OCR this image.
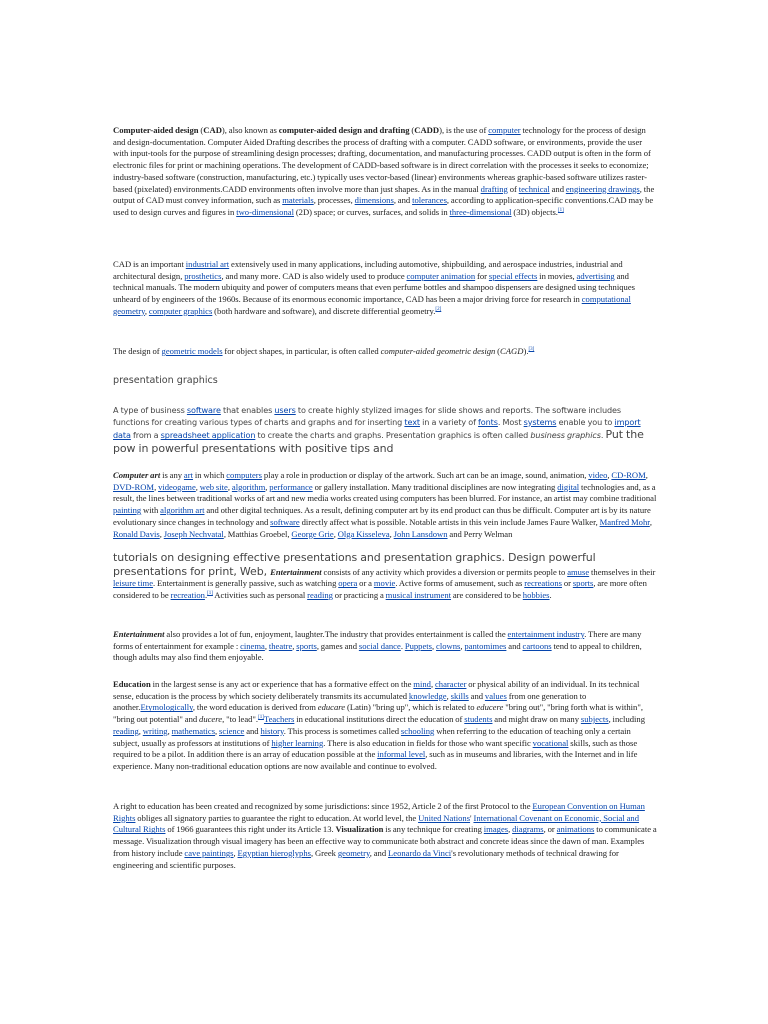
Computer-aided design (CAD), also known as computer-aided design and drafting (CADD), is the use of computer technology for the process of design and design-documentation. Computer Aided Drafting describes the process of drafting with a computer. CADD software, or environments, provide the user with input-tools for the purpose of streamlining design processes; drafting, documentation, and manufacturing processes. CADD output is often in the form of electronic files for print or machining operations. The development of CADD-based software is in direct correlation with the processes it seeks to economize; industry-based software (construction, manufacturing, etc.) typically uses vector-based (linear) environments whereas graphic-based software utilizes raster-based (pixelated) environments.CADD environments often involve more than just shapes. As in the manual drafting of technical and engineering drawings, the output of CAD must convey information, such as materials, processes, dimensions, and tolerances, according to application-specific conventions.CAD may be used to design curves and figures in two-dimensional (2D) space; or curves, surfaces, and solids in three-dimensional (3D) objects.[1]

CAD is an important industrial art extensively used in many applications, including automotive, shipbuilding, and aerospace industries, industrial and architectural design, prosthetics, and many more. CAD is also widely used to produce computer animation for special effects in movies, advertising and technical manuals. The modern ubiquity and power of computers means that even perfume bottles and shampoo dispensers are designed using techniques unheard of by engineers of the 1960s. Because of its enormous economic importance, CAD has been a major driving force for research in computational geometry, computer graphics (both hardware and software), and discrete differential geometry.[2]

The design of geometric models for object shapes, in particular, is often called computer-aided geometric design (CAGD).[3]

presentation graphics

A type of business software that enables users to create highly stylized images for slide shows and reports. The software includes functions for creating various types of charts and graphs and for inserting text in a variety of fonts. Most systems enable you to import data from a spreadsheet application to create the charts and graphs. Presentation graphics is often called business graphics. Put the pow in powerful presentations with positive tips and

Computer art is any art in which computers play a role in production or display of the artwork. Such art can be an image, sound, animation, video, CD-ROM, DVD-ROM, videogame, web site, algorithm, performance or gallery installation. Many traditional disciplines are now integrating digital technologies and, as a result, the lines between traditional works of art and new media works created using computers has been blurred. For instance, an artist may combine traditional painting with algorithm art and other digital techniques. As a result, defining computer art by its end product can thus be difficult. Computer art is by its nature evolutionary since changes in technology and software directly affect what is possible. Notable artists in this vein include James Faure Walker, Manfred Mohr, Ronald Davis, Joseph Nechvatal, Matthias Groebel, George Grie, Olga Kisseleva, John Lansdown and Perry Welman

tutorials on designing effective presentations and presentation graphics. Design powerful presentations for print, Web, Entertainment consists of any activity which provides a diversion or permits people to amuse themselves in their leisure time. Entertainment is generally passive, such as watching opera or a movie. Active forms of amusement, such as recreations or sports, are more often considered to be recreation.[1] Activities such as personal reading or practicing a musical instrument are considered to be hobbies.

Entertainment also provides a lot of fun, enjoyment, laughter.The industry that provides entertainment is called the entertainment industry. There are many forms of entertainment for example : cinema, theatre, sports, games and social dance. Puppets, clowns, pantomimes and cartoons tend to appeal to children, though adults may also find them enjoyable.

Education in the largest sense is any act or experience that has a formative effect on the mind, character or physical ability of an individual. In its technical sense, education is the process by which society deliberately transmits its accumulated knowledge, skills and values from one generation to another.Etymologically, the word education is derived from educare (Latin) "bring up", which is related to educere "bring out", "bring forth what is within", "bring out potential" and ducere, "to lead".[1]Teachers in educational institutions direct the education of students and might draw on many subjects, including reading, writing, mathematics, science and history. This process is sometimes called schooling when referring to the education of teaching only a certain subject, usually as professors at institutions of higher learning. There is also education in fields for those who want specific vocational skills, such as those required to be a pilot. In addition there is an array of education possible at the informal level, such as in museums and libraries, with the Internet and in life experience. Many non-traditional education options are now available and continue to evolved.

A right to education has been created and recognized by some jurisdictions: since 1952, Article 2 of the first Protocol to the European Convention on Human Rights obliges all signatory parties to guarantee the right to education. At world level, the United Nations' International Covenant on Economic, Social and Cultural Rights of 1966 guarantees this right under its Article 13. Visualization is any technique for creating images, diagrams, or animations to communicate a message. Visualization through visual imagery has been an effective way to communicate both abstract and concrete ideas since the dawn of man. Examples from history include cave paintings, Egyptian hieroglyphs, Greek geometry, and Leonardo da Vinci's revolutionary methods of technical drawing for engineering and scientific purposes.
